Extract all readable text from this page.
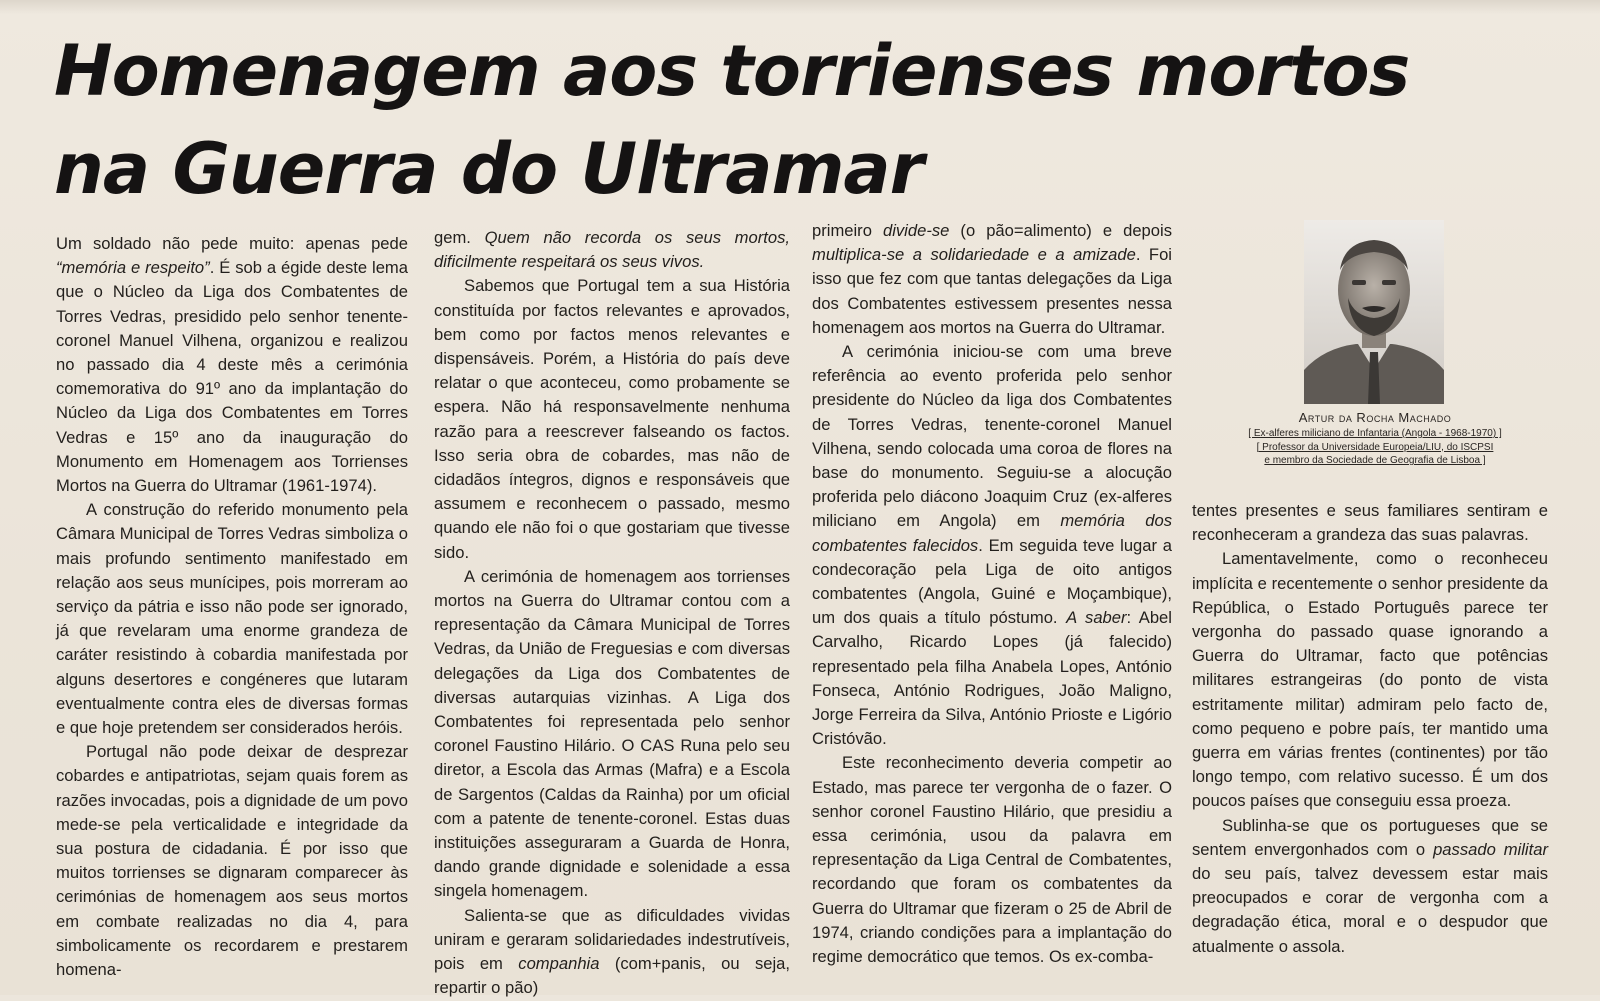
Homenagem aos torrienses mortos na Guerra do Ultramar

Um soldado não pede muito: apenas pede “memória e respeito”. É sob a égide deste lema que o Núcleo da Liga dos Combatentes de Torres Vedras, presidido pelo senhor tenente-coronel Manuel Vilhena, organizou e realizou no passado dia 4 deste mês a cerimónia comemorativa do 91º ano da implantação do Núcleo da Liga dos Combatentes em Torres Vedras e 15º ano da inauguração do Monumento em Homenagem aos Torrienses Mortos na Guerra do Ultramar (1961-1974).

A construção do referido monumento pela Câmara Municipal de Torres Vedras simboliza o mais profundo sentimento manifestado em relação aos seus munícipes, pois morreram ao serviço da pátria e isso não pode ser ignorado, já que revelaram uma enorme grandeza de caráter resistindo à cobardia manifestada por alguns desertores e congéneres que lutaram eventualmente contra eles de diversas formas e que hoje pretendem ser considerados heróis.

Portugal não pode deixar de desprezar cobardes e antipatriotas, sejam quais forem as razões invocadas, pois a dignidade de um povo mede-se pela verticalidade e integridade da sua postura de cidadania. É por isso que muitos torrienses se dignaram comparecer às cerimónias de homenagem aos seus mortos em combate realizadas no dia 4, para simbolicamente os recordarem e prestarem homena-

gem. Quem não recorda os seus mortos, dificilmente respeitará os seus vivos.

Sabemos que Portugal tem a sua História constituída por factos relevantes e aprovados, bem como por factos menos relevantes e dispensáveis. Porém, a História do país deve relatar o que aconteceu, como probamente se espera. Não há responsavelmente nenhuma razão para a reescrever falseando os factos. Isso seria obra de cobardes, mas não de cidadãos íntegros, dignos e responsáveis que assumem e reconhecem o passado, mesmo quando ele não foi o que gostariam que tivesse sido.

A cerimónia de homenagem aos torrienses mortos na Guerra do Ultramar contou com a representação da Câmara Municipal de Torres Vedras, da União de Freguesias e com diversas delegações da Liga dos Combatentes de diversas autarquias vizinhas. A Liga dos Combatentes foi representada pelo senhor coronel Faustino Hilário. O CAS Runa pelo seu diretor, a Escola das Armas (Mafra) e a Escola de Sargentos (Caldas da Rainha) por um oficial com a patente de tenente-coronel. Estas duas instituições asseguraram a Guarda de Honra, dando grande dignidade e solenidade a essa singela homenagem.

Salienta-se que as dificuldades vividas uniram e geraram solidariedades indestrutíveis, pois em companhia (com+panis, ou seja, repartir o pão)

primeiro divide-se (o pão=alimento) e depois multiplica-se a solidariedade e a amizade. Foi isso que fez com que tantas delegações da Liga dos Combatentes estivessem presentes nessa homenagem aos mortos na Guerra do Ultramar.

A cerimónia iniciou-se com uma breve referência ao evento proferida pelo senhor presidente do Núcleo da liga dos Combatentes de Torres Vedras, tenente-coronel Manuel Vilhena, sendo colocada uma coroa de flores na base do monumento. Seguiu-se a alocução proferida pelo diácono Joaquim Cruz (ex-alferes miliciano em Angola) em memória dos combatentes falecidos. Em seguida teve lugar a condecoração pela Liga de oito antigos combatentes (Angola, Guiné e Moçambique), um dos quais a título póstumo. A saber: Abel Carvalho, Ricardo Lopes (já falecido) representado pela filha Anabela Lopes, António Fonseca, António Rodrigues, João Maligno, Jorge Ferreira da Silva, António Prioste e Ligório Cristóvão.

Este reconhecimento deveria competir ao Estado, mas parece ter vergonha de o fazer. O senhor coronel Faustino Hilário, que presidiu a essa cerimónia, usou da palavra em representação da Liga Central de Combatentes, recordando que foram os combatentes da Guerra do Ultramar que fizeram o 25 de Abril de 1974, criando condições para a implantação do regime democrático que temos. Os ex-comba-

Artur da Rocha Machado
[ Ex-alferes miliciano de Infantaria (Angola - 1968-1970) ]
[ Professor da Universidade Europeia/LIU, do ISCPSI
e membro da Sociedade de Geografia de Lisboa ]

tentes presentes e seus familiares sentiram e reconheceram a grandeza das suas palavras.

Lamentavelmente, como o reconheceu implícita e recentemente o senhor presidente da República, o Estado Português parece ter vergonha do passado quase ignorando a Guerra do Ultramar, facto que potências militares estrangeiras (do ponto de vista estritamente militar) admiram pelo facto de, como pequeno e pobre país, ter mantido uma guerra em várias frentes (continentes) por tão longo tempo, com relativo sucesso. É um dos poucos países que conseguiu essa proeza.

Sublinha-se que os portugueses que se sentem envergonhados com o passado militar do seu país, talvez devessem estar mais preocupados e corar de vergonha com a degradação ética, moral e o despudor que atualmente o assola.
